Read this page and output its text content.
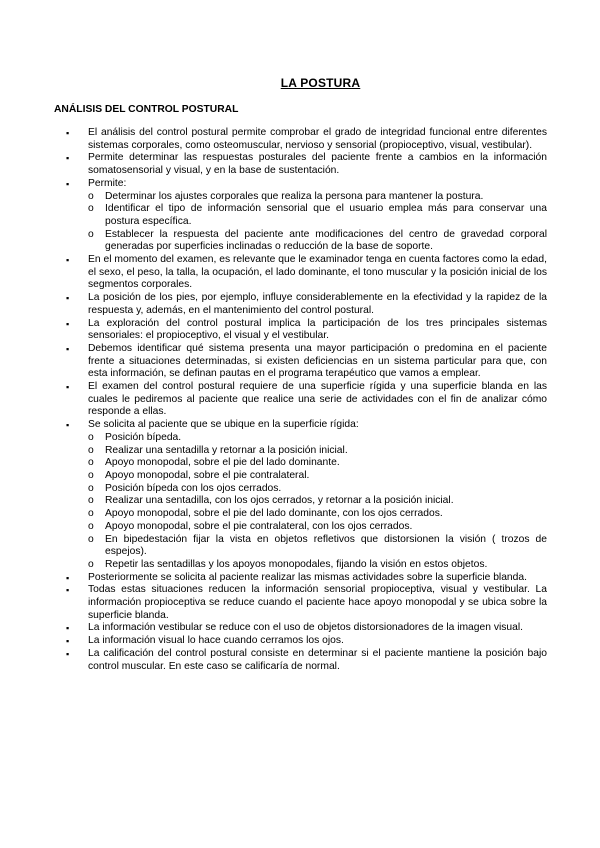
LA POSTURA
ANÁLISIS DEL CONTROL POSTURAL
▪ El análisis del control postural permite comprobar el grado de integridad funcional entre diferentes sistemas corporales, como osteomuscular, nervioso y sensorial (propioceptivo, visual, vestibular).
▪ Permite determinar las respuestas posturales del paciente frente a cambios en la información somatosensorial y visual, y en la base de sustentación.
▪ Permite:
o Determinar los ajustes corporales que realiza la persona para mantener la postura.
o Identificar el tipo de información sensorial que el usuario emplea más para conservar una postura específica.
o Establecer la respuesta del paciente ante modificaciones del centro de gravedad corporal generadas por superficies inclinadas o reducción de la base de soporte.
▪ En el momento del examen, es relevante que le examinador tenga en cuenta factores como la edad, el sexo, el peso, la talla, la ocupación, el lado dominante, el tono muscular y la posición inicial de los segmentos corporales.
▪ La posición de los pies, por ejemplo, influye considerablemente en la efectividad y la rapidez de la respuesta y, además, en el mantenimiento del control postural.
▪ La exploración del control postural implica la participación de los tres principales sistemas sensoriales: el propioceptivo, el visual y el vestibular.
▪ Debemos identificar qué sistema presenta una mayor participación o predomina en el paciente frente a situaciones determinadas, si existen deficiencias en un sistema particular para que, con esta información, se definan pautas en el programa terapéutico que vamos a emplear.
▪ El examen del control postural requiere de una superficie rígida y una superficie blanda en las cuales le pediremos al paciente que realice una serie de actividades con el fin de analizar cómo responde a ellas.
▪ Se solicita al paciente que se ubique en la superficie rígida:
o Posición bípeda.
o Realizar una sentadilla y retornar a la posición inicial.
o Apoyo monopodal, sobre el pie del lado dominante.
o Apoyo monopodal, sobre el pie contralateral.
o Posición bípeda con los ojos cerrados.
o Realizar una sentadilla, con los ojos cerrados, y retornar a la posición inicial.
o Apoyo monopodal, sobre el pie del lado dominante, con los ojos cerrados.
o Apoyo monopodal, sobre el pie contralateral, con los ojos cerrados.
o En bipedestación fijar la vista en objetos refletivos que distorsionen la visión ( trozos de espejos).
o Repetir las sentadillas y los apoyos monopodales, fijando la visión en estos objetos.
▪ Posteriormente se solicita al paciente realizar las mismas actividades sobre la superficie blanda.
▪ Todas estas situaciones reducen la información sensorial propioceptiva, visual y vestibular. La información propioceptiva se reduce cuando el paciente hace apoyo monopodal y se ubica sobre la superficie blanda.
▪ La información vestibular se reduce con el uso de objetos distorsionadores de la imagen visual.
▪ La información visual lo hace cuando cerramos los ojos.
▪ La calificación del control postural consiste en determinar si el paciente mantiene la posición bajo control muscular. En este caso se calificaría de normal.
